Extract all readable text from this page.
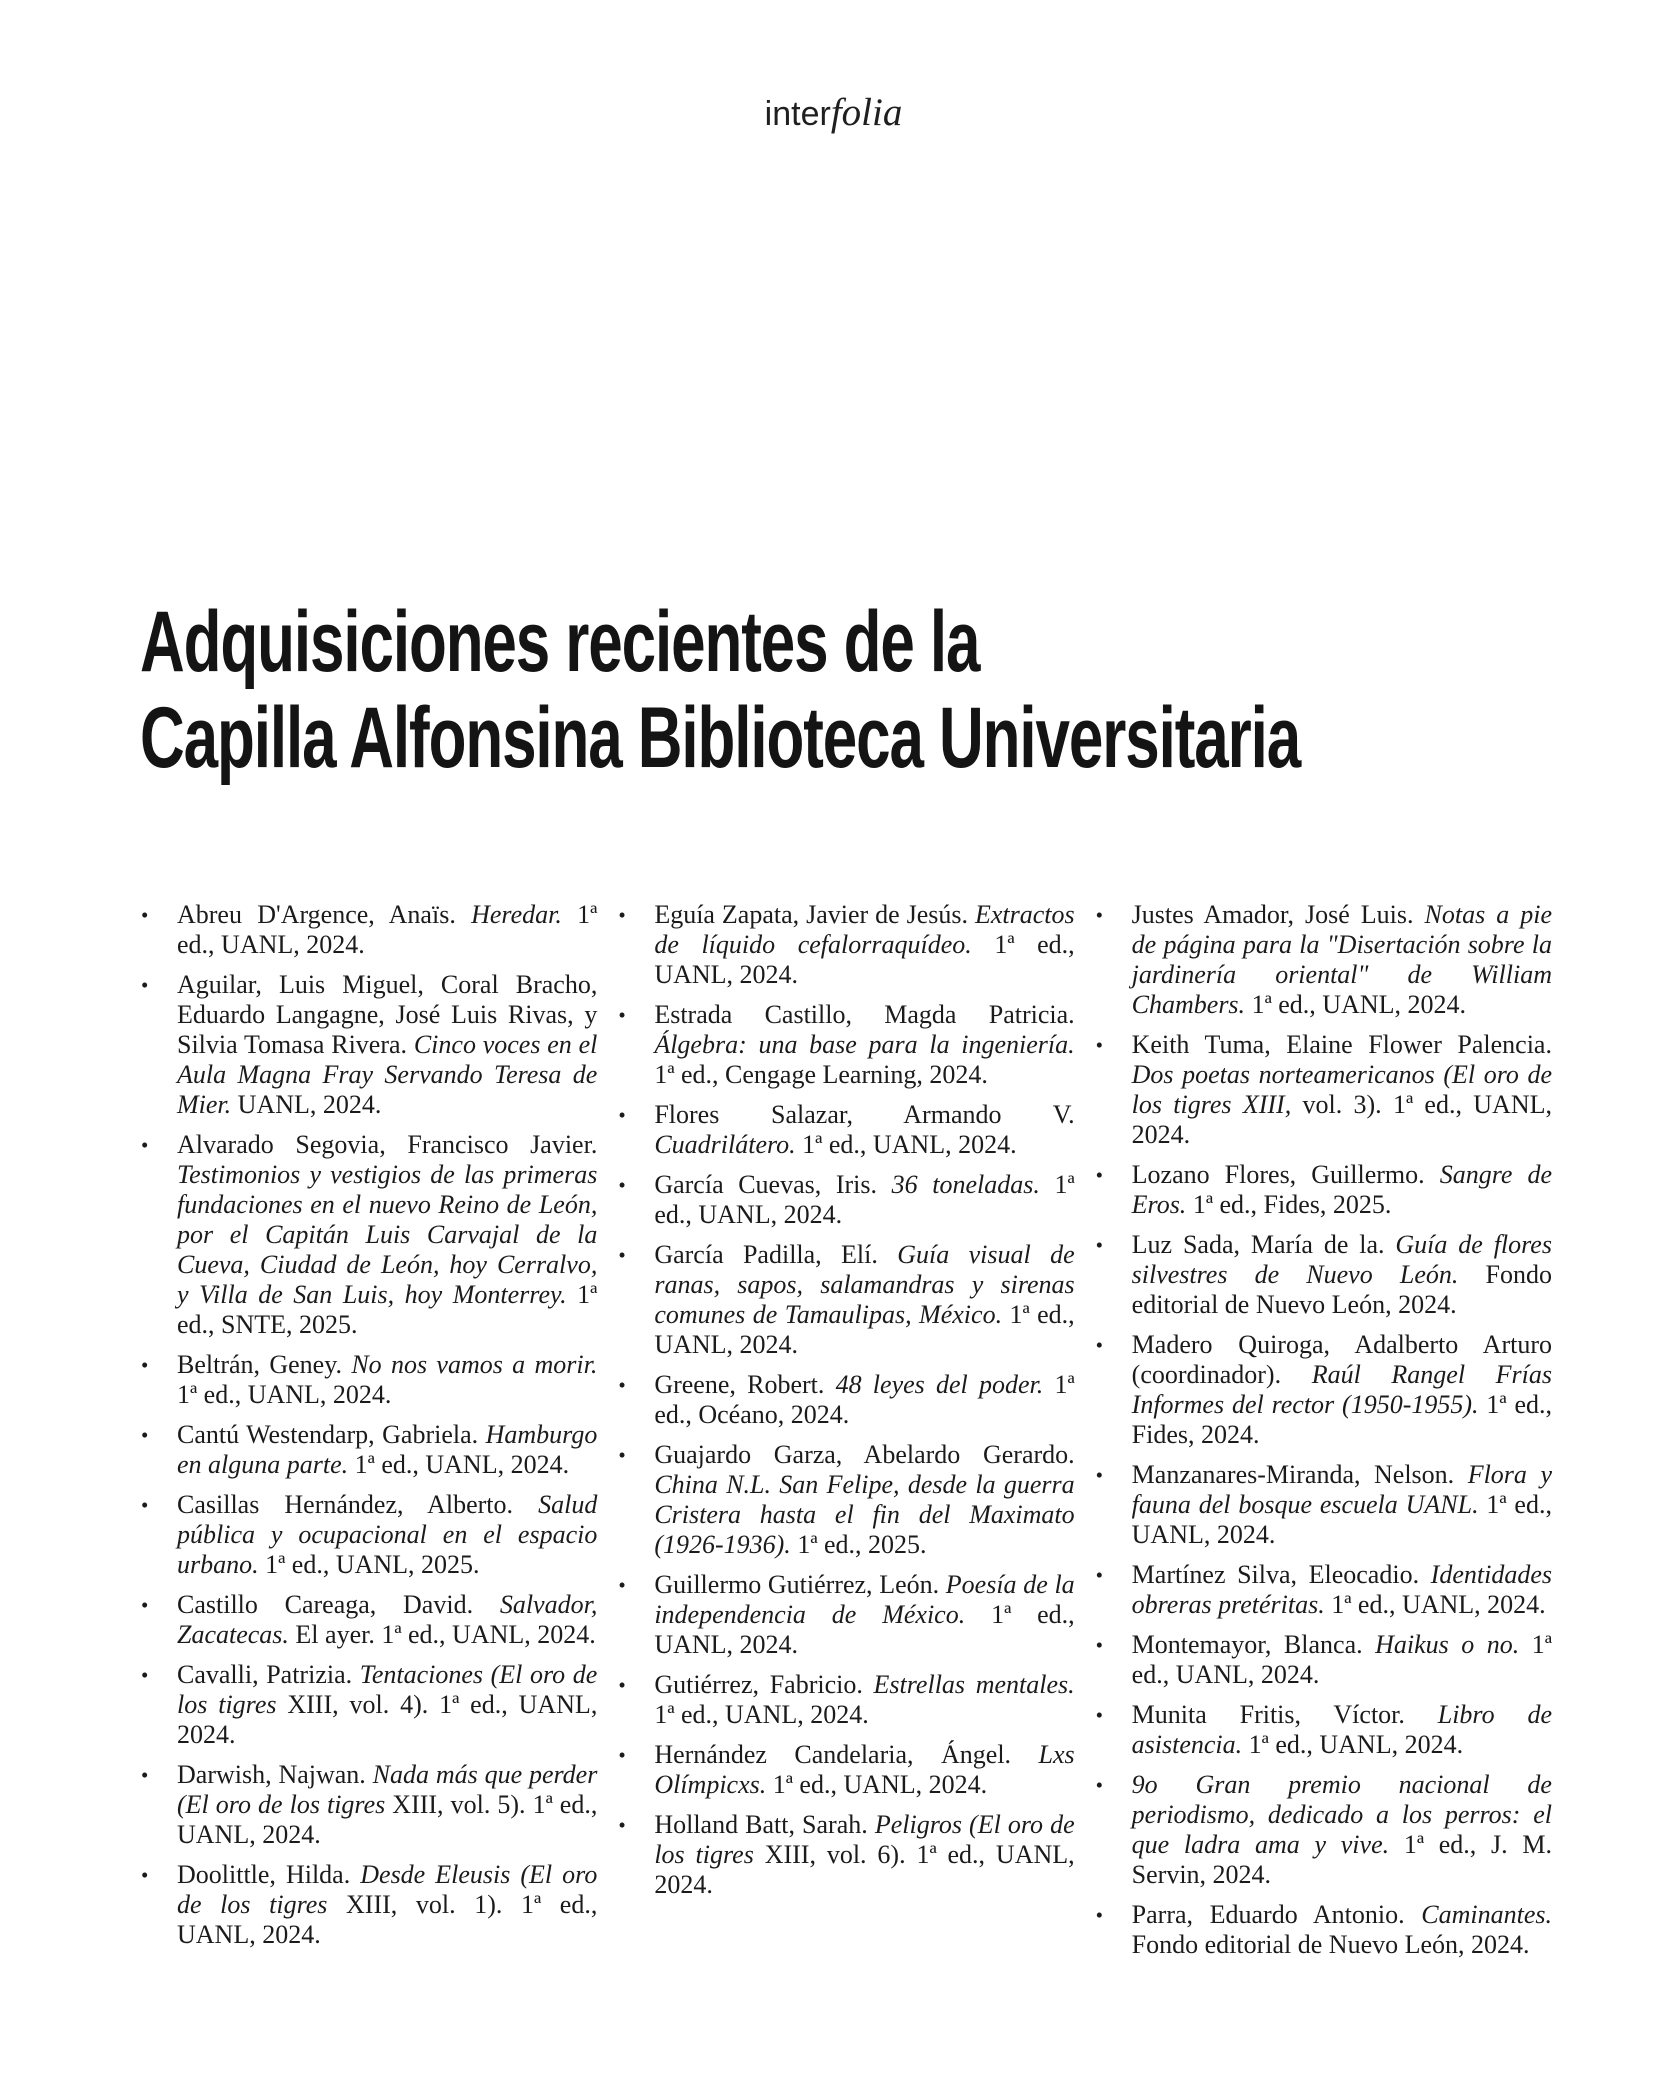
interfolia
Adquisiciones recientes de la
Capilla Alfonsina Biblioteca Universitaria
• Abreu D'Argence, Anaïs. Heredar. 1ª ed., UANL, 2024.
• Aguilar, Luis Miguel, Coral Bracho, Eduardo Langagne, José Luis Rivas, y Silvia Tomasa Rivera. Cinco voces en el Aula Magna Fray Servando Teresa de Mier. UANL, 2024.
• Alvarado Segovia, Francisco Javier. Testimonios y vestigios de las primeras fundaciones en el nuevo Reino de León, por el Capitán Luis Carvajal de la Cueva, Ciudad de León, hoy Cerralvo, y Villa de San Luis, hoy Monterrey. 1ª ed., SNTE, 2025.
• Beltrán, Geney. No nos vamos a morir. 1ª ed., UANL, 2024.
• Cantú Westendarp, Gabriela. Hamburgo en alguna parte. 1ª ed., UANL, 2024.
• Casillas Hernández, Alberto. Salud pública y ocupacional en el espacio urbano. 1ª ed., UANL, 2025.
• Castillo Careaga, David. Salvador, Zacatecas. El ayer. 1ª ed., UANL, 2024.
• Cavalli, Patrizia. Tentaciones (El oro de los tigres XIII, vol. 4). 1ª ed., UANL, 2024.
• Darwish, Najwan. Nada más que perder (El oro de los tigres XIII, vol. 5). 1ª ed., UANL, 2024.
• Doolittle, Hilda. Desde Eleusis (El oro de los tigres XIII, vol. 1). 1ª ed., UANL, 2024.
• Eguía Zapata, Javier de Jesús. Extractos de líquido cefalorraquídeo. 1ª ed., UANL, 2024.
• Estrada Castillo, Magda Patricia. Álgebra: una base para la ingeniería. 1ª ed., Cengage Learning, 2024.
• Flores Salazar, Armando V. Cuadrilátero. 1ª ed., UANL, 2024.
• García Cuevas, Iris. 36 toneladas. 1ª ed., UANL, 2024.
• García Padilla, Elí. Guía visual de ranas, sapos, salamandras y sirenas comunes de Tamaulipas, México. 1ª ed., UANL, 2024.
• Greene, Robert. 48 leyes del poder. 1ª ed., Océano, 2024.
• Guajardo Garza, Abelardo Gerardo. China N.L. San Felipe, desde la guerra Cristera hasta el fin del Maximato (1926-1936). 1ª ed., 2025.
• Guillermo Gutiérrez, León. Poesía de la independencia de México. 1ª ed., UANL, 2024.
• Gutiérrez, Fabricio. Estrellas mentales. 1ª ed., UANL, 2024.
• Hernández Candelaria, Ángel. Lxs Olímpicxs. 1ª ed., UANL, 2024.
• Holland Batt, Sarah. Peligros (El oro de los tigres XIII, vol. 6). 1ª ed., UANL, 2024.
• Justes Amador, José Luis. Notas a pie de página para la "Disertación sobre la jardinería oriental" de William Chambers. 1ª ed., UANL, 2024.
• Keith Tuma, Elaine Flower Palencia. Dos poetas norteamericanos (El oro de los tigres XIII, vol. 3). 1ª ed., UANL, 2024.
• Lozano Flores, Guillermo. Sangre de Eros. 1ª ed., Fides, 2025.
• Luz Sada, María de la. Guía de flores silvestres de Nuevo León. Fondo editorial de Nuevo León, 2024.
• Madero Quiroga, Adalberto Arturo (coordinador). Raúl Rangel Frías Informes del rector (1950-1955). 1ª ed., Fides, 2024.
• Manzanares-Miranda, Nelson. Flora y fauna del bosque escuela UANL. 1ª ed., UANL, 2024.
• Martínez Silva, Eleocadio. Identidades obreras pretéritas. 1ª ed., UANL, 2024.
• Montemayor, Blanca. Haikus o no. 1ª ed., UANL, 2024.
• Munita Fritis, Víctor. Libro de asistencia. 1ª ed., UANL, 2024.
• 9o Gran premio nacional de periodismo, dedicado a los perros: el que ladra ama y vive. 1ª ed., J. M. Servin, 2024.
• Parra, Eduardo Antonio. Caminantes. Fondo editorial de Nuevo León, 2024.
